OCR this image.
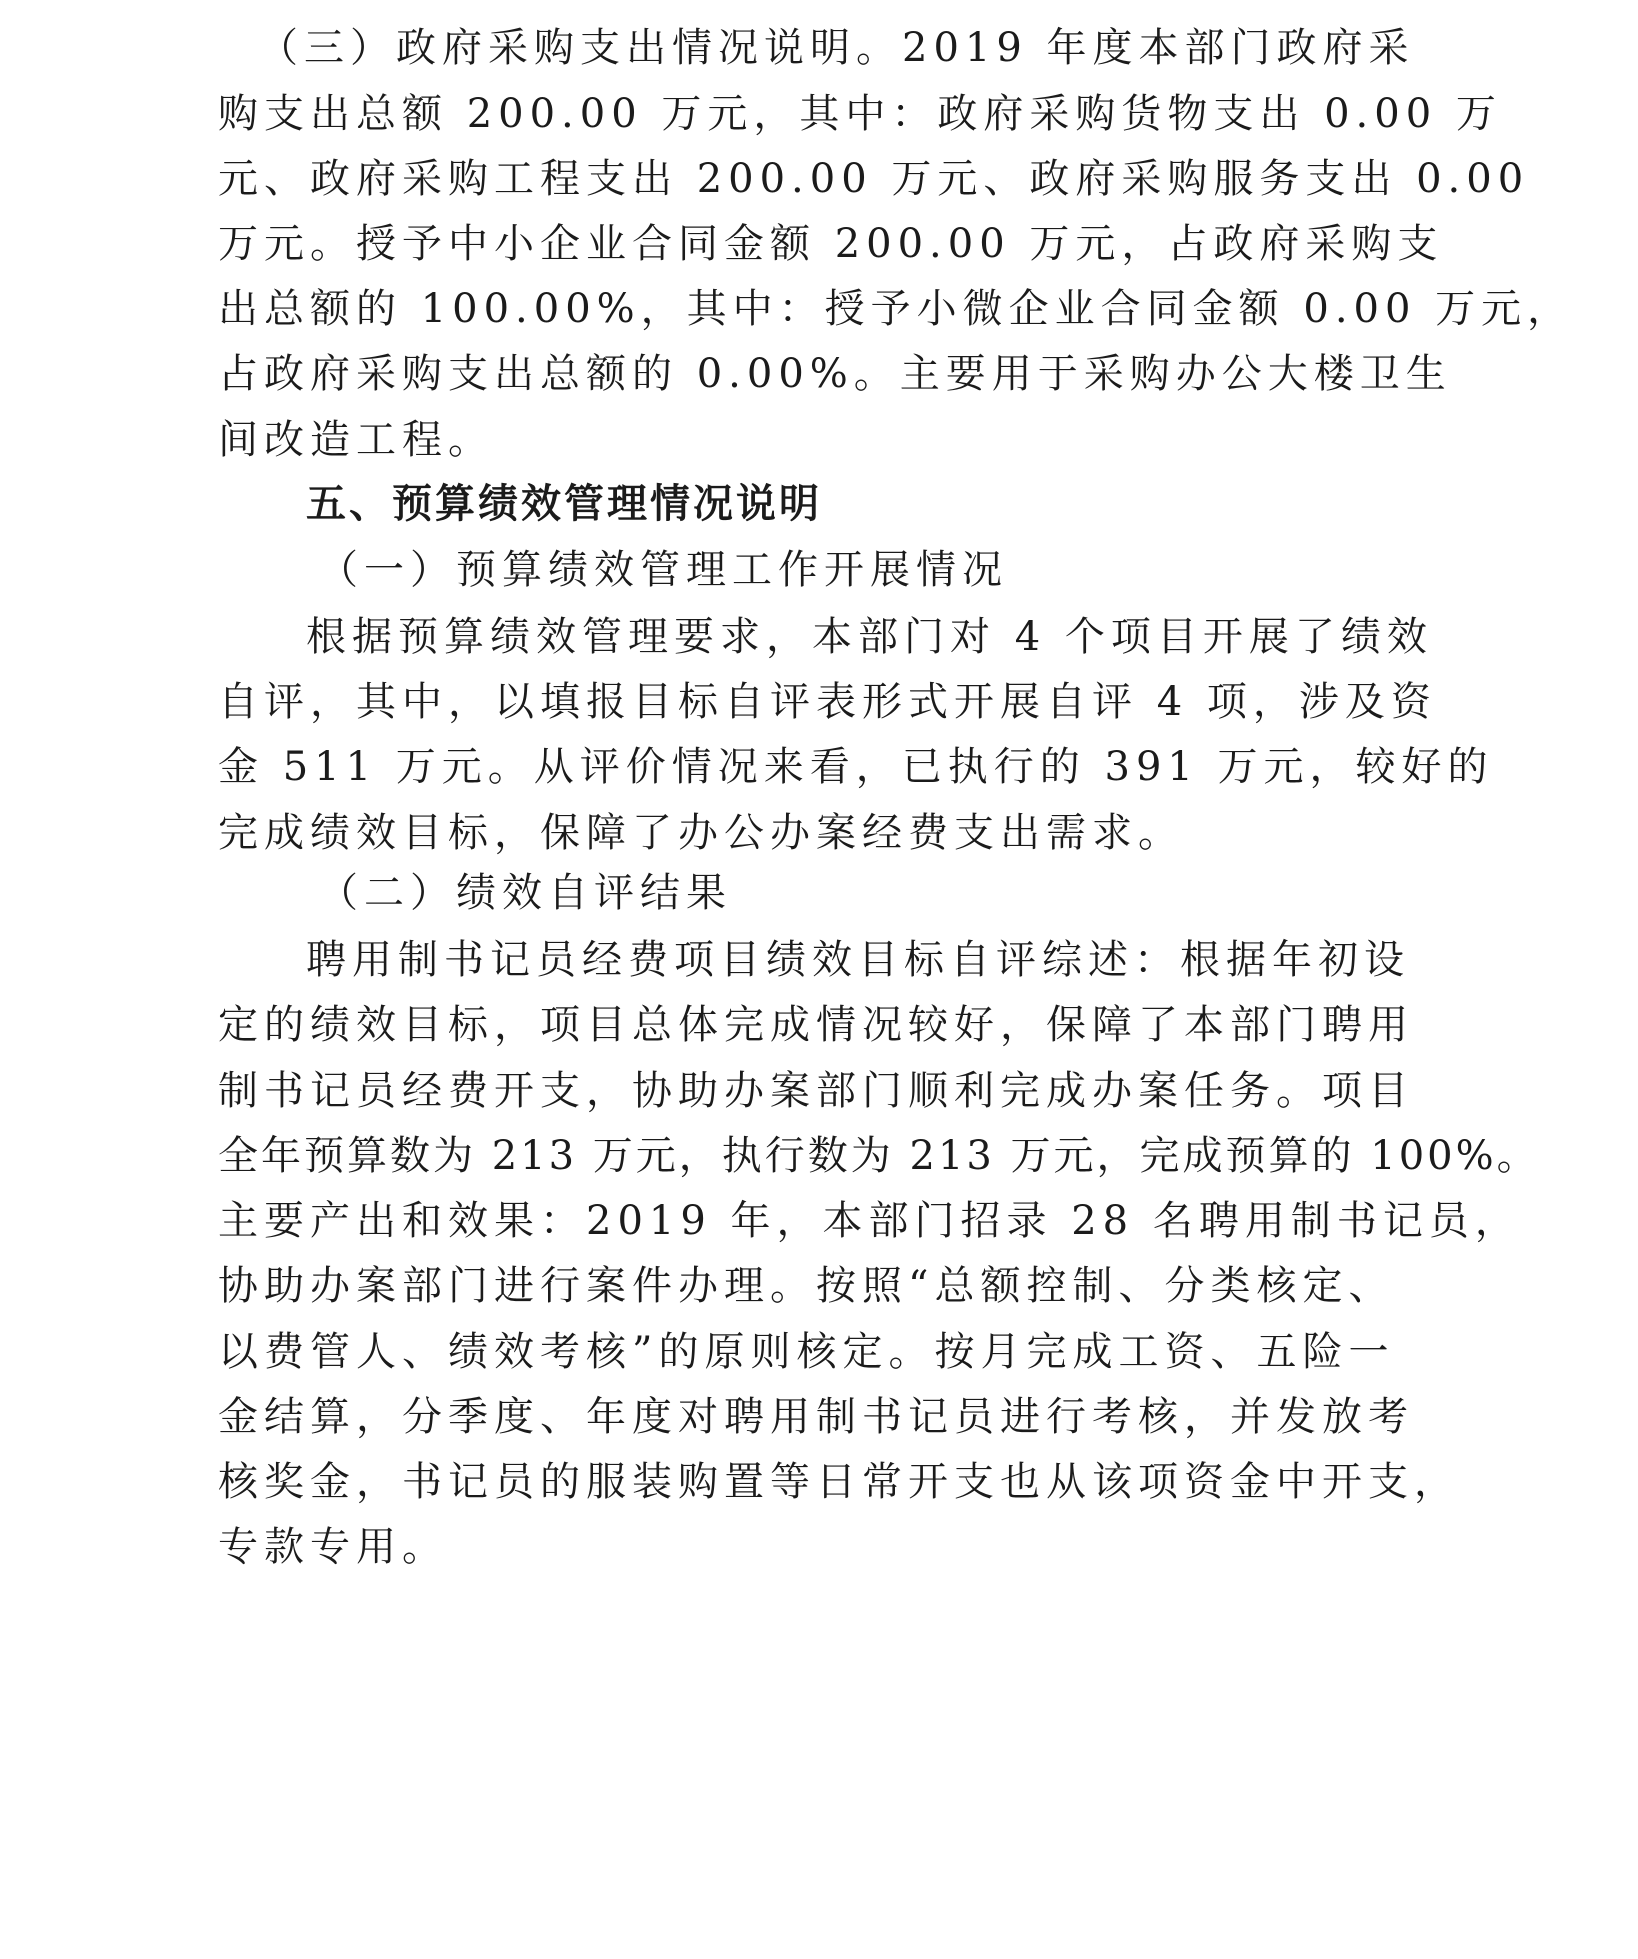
（三）政府采购支出情况说明。2019 年度本部门政府采
购支出总额 200.00 万元，其中：政府采购货物支出 0.00 万
元、政府采购工程支出 200.00 万元、政府采购服务支出 0.00
万元。授予中小企业合同金额 200.00 万元，占政府采购支
出总额的 100.00%，其中：授予小微企业合同金额 0.00 万元，
占政府采购支出总额的 0.00%。主要用于采购办公大楼卫生
间改造工程。
五、预算绩效管理情况说明
（一）预算绩效管理工作开展情况
根据预算绩效管理要求，本部门对 4 个项目开展了绩效
自评，其中，以填报目标自评表形式开展自评 4 项，涉及资
金 511 万元。从评价情况来看，已执行的 391 万元，较好的
完成绩效目标，保障了办公办案经费支出需求。
（二）绩效自评结果
聘用制书记员经费项目绩效目标自评综述：根据年初设
定的绩效目标，项目总体完成情况较好，保障了本部门聘用
制书记员经费开支，协助办案部门顺利完成办案任务。项目
全年预算数为 213 万元，执行数为 213 万元，完成预算的 100%。
主要产出和效果：2019 年，本部门招录 28 名聘用制书记员，
协助办案部门进行案件办理。按照“总额控制、分类核定、
以费管人、绩效考核”的原则核定。按月完成工资、五险一
金结算，分季度、年度对聘用制书记员进行考核，并发放考
核奖金，书记员的服装购置等日常开支也从该项资金中开支，
专款专用。
